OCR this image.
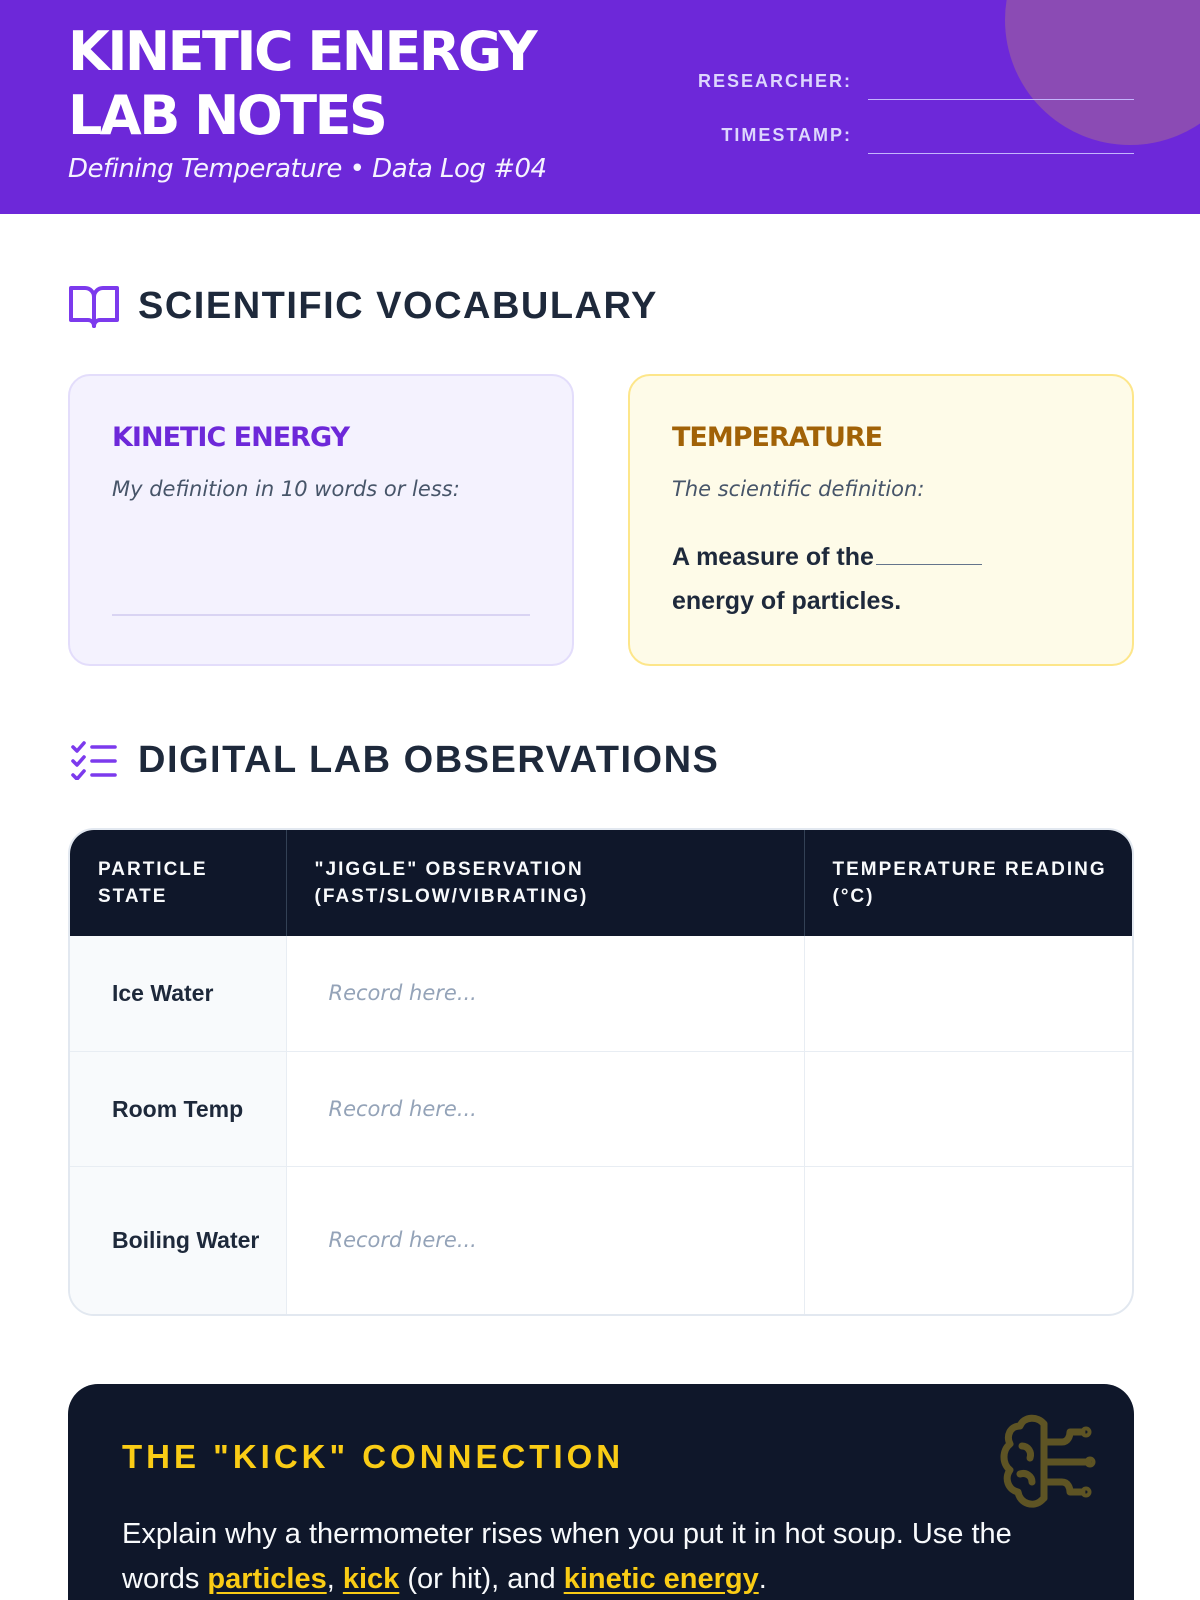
KINETIC ENERGY
LAB NOTES
Defining Temperature • Data Log #04
RESEARCHER:
TIMESTAMP:
SCIENTIFIC VOCABULARY
KINETIC ENERGY
My definition in 10 words or less:
TEMPERATURE
The scientific definition:
A measure of the energy of particles.
DIGITAL LAB OBSERVATIONS
PARTICLE STATE	"JIGGLE" OBSERVATION (FAST/SLOW/VIBRATING)	TEMPERATURE READING (°C)
Ice Water	Record here...	
Room Temp	Record here...	
Boiling Water	Record here...	
THE "KICK" CONNECTION

Explain why a thermometer rises when you put it in hot soup. Use the words particles, kick (or hit), and kinetic energy.
